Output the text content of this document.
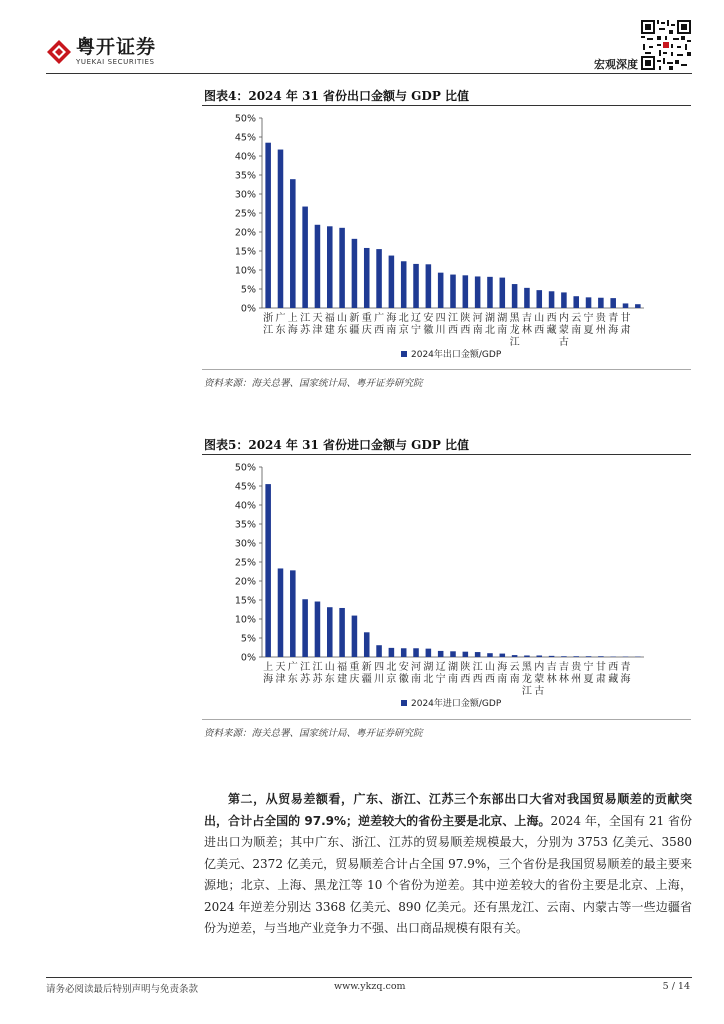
粤开证券
YUEKAI SECURITIES	宏观深度
图表4：2024 年 31 省份出口金额与 GDP 比值
0%
5%
10%
15%
20%
25%
30%
35%
40%
45%
50%
浙江
广东
上海
江苏
天津
福建
山东
新疆
重庆
广西
海南
北京
辽宁
安徽
四川
江西
陕西
河南
湖北
湖南
黑龙江
吉林
山西
西藏
内蒙古
云南
宁夏
贵州
青海
甘肃
2024年出口金额/GDP
资料来源：海关总署、国家统计局、粤开证券研究院
图表5：2024 年 31 省份进口金额与 GDP 比值
0%
5%
10%
15%
20%
25%
30%
35%
40%
45%
50%
上海
天津
广东
江苏
江苏
山东
福建
重庆
新疆
四川
北京
安徽
河南
湖北
辽宁
湖南
陕西
江西
山西
海南
云南
黑龙江
内蒙古
吉林
吉林
贵州
宁夏
甘肃
西藏
青海
2024年进口金额/GDP
资料来源：海关总署、国家统计局、粤开证券研究院
第二，从贸易差额看，广东、浙江、江苏三个东部出口大省对我国贸易顺差的贡献突出，合计占全国的 97.9%；逆差较大的省份主要是北京、上海。2024 年，全国有 21 省份进出口为顺差；其中广东、浙江、江苏的贸易顺差规模最大，分别为 3753 亿美元、3580 亿美元、2372 亿美元，贸易顺差合计占全国 97.9%，三个省份是我国贸易顺差的最主要来源地；北京、上海、黑龙江等 10 个省份为逆差。其中逆差较大的省份主要是北京、上海，2024 年逆差分别达 3368 亿美元、890 亿美元。还有黑龙江、云南、内蒙古等一些边疆省份为逆差，与当地产业竞争力不强、出口商品规模有限有关。
请务必阅读最后特别声明与免责条款	www.ykzq.com	5 / 14
